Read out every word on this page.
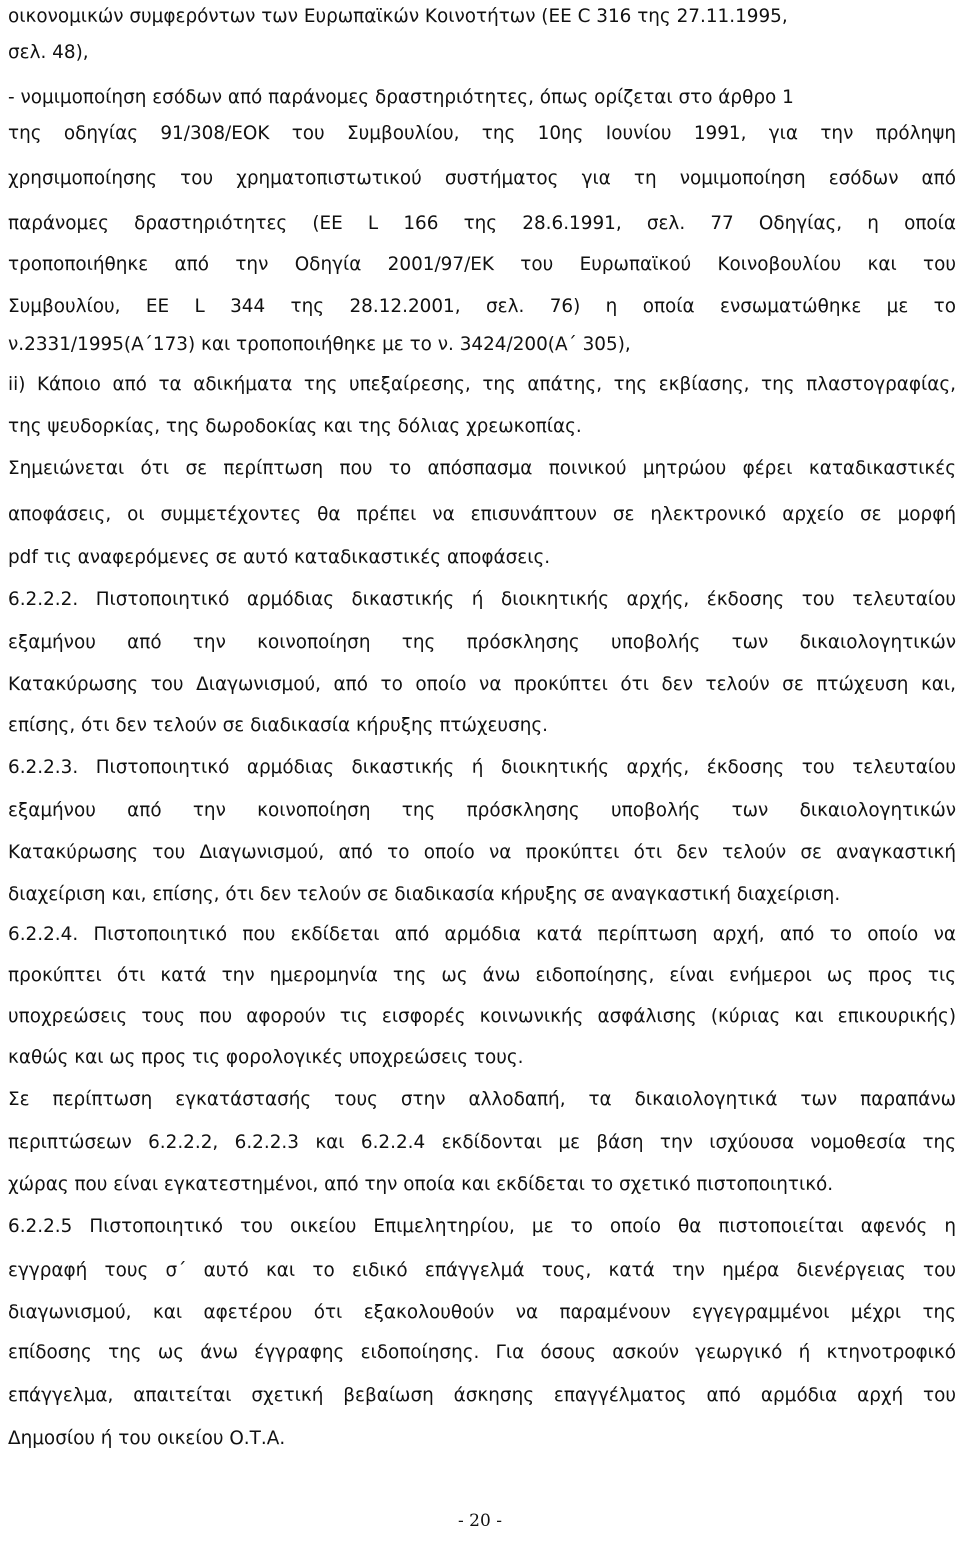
οικονομικών συμφερόντων των Ευρωπαϊκών Κοινοτήτων (ΕΕ C 316 της 27.11.1995,
σελ. 48),
- νομιμοποίηση εσόδων από παράνομες δραστηριότητες, όπως ορίζεται στο άρθρο 1
της οδηγίας 91/308/ΕΟΚ του Συμβουλίου, της 10ης Ιουνίου 1991, για την πρόληψη
χρησιμοποίησης του χρηματοπιστωτικού συστήματος για τη νομιμοποίηση εσόδων από
παράνομες δραστηριότητες (ΕΕ L 166 της 28.6.1991, σελ. 77 Οδηγίας, η οποία
τροποποιήθηκε από την Οδηγία 2001/97/ΕΚ του Ευρωπαϊκού Κοινοβουλίου και του
Συμβουλίου, ΕΕ L 344 της 28.12.2001, σελ. 76) η οποία ενσωματώθηκε με το
ν.2331/1995(Α΄173) και τροποποιήθηκε με το ν. 3424/200(Α΄ 305),
ii) Κάποιο από τα αδικήματα της υπεξαίρεσης, της απάτης, της εκβίασης, της πλαστογραφίας,
της ψευδορκίας, της δωροδοκίας και της δόλιας χρεωκοπίας.
Σημειώνεται ότι σε περίπτωση που το απόσπασμα ποινικού μητρώου φέρει καταδικαστικές
αποφάσεις, οι συμμετέχοντες θα πρέπει να επισυνάπτουν σε ηλεκτρονικό αρχείο σε μορφή
pdf τις αναφερόμενες σε αυτό καταδικαστικές αποφάσεις.
6.2.2.2. Πιστοποιητικό αρμόδιας δικαστικής ή διοικητικής αρχής, έκδοσης του τελευταίου
εξαμήνου από την κοινοποίηση της πρόσκλησης υποβολής των δικαιολογητικών
Κατακύρωσης του Διαγωνισμού, από το οποίο να προκύπτει ότι δεν τελούν σε πτώχευση και,
επίσης, ότι δεν τελούν σε διαδικασία κήρυξης πτώχευσης.
6.2.2.3. Πιστοποιητικό αρμόδιας δικαστικής ή διοικητικής αρχής, έκδοσης του τελευταίου
εξαμήνου από την κοινοποίηση της πρόσκλησης υποβολής των δικαιολογητικών
Κατακύρωσης του Διαγωνισμού, από το οποίο να προκύπτει ότι δεν τελούν σε αναγκαστική
διαχείριση και, επίσης, ότι δεν τελούν σε διαδικασία κήρυξης σε αναγκαστική διαχείριση.
6.2.2.4. Πιστοποιητικό που εκδίδεται από αρμόδια κατά περίπτωση αρχή, από το οποίο να
προκύπτει ότι κατά την ημερομηνία της ως άνω ειδοποίησης, είναι ενήμεροι ως προς τις
υποχρεώσεις τους που αφορούν τις εισφορές κοινωνικής ασφάλισης (κύριας και επικουρικής)
καθώς και ως προς τις φορολογικές υποχρεώσεις τους.
Σε περίπτωση εγκατάστασής τους στην αλλοδαπή, τα δικαιολογητικά των παραπάνω
περιπτώσεων 6.2.2.2, 6.2.2.3 και 6.2.2.4 εκδίδονται με βάση την ισχύουσα νομοθεσία της
χώρας που είναι εγκατεστημένοι, από την οποία και εκδίδεται το σχετικό πιστοποιητικό.
6.2.2.5 Πιστοποιητικό του οικείου Επιμελητηρίου, με το οποίο θα πιστοποιείται αφενός η
εγγραφή τους σ΄ αυτό και το ειδικό επάγγελμά τους, κατά την ημέρα διενέργειας του
διαγωνισμού, και αφετέρου ότι εξακολουθούν να παραμένουν εγγεγραμμένοι μέχρι της
επίδοσης της ως άνω έγγραφης ειδοποίησης. Για όσους ασκούν γεωργικό ή κτηνοτροφικό
επάγγελμα, απαιτείται σχετική βεβαίωση άσκησης επαγγέλματος από αρμόδια αρχή του
Δημοσίου ή του οικείου Ο.Τ.Α.
- 20 -
